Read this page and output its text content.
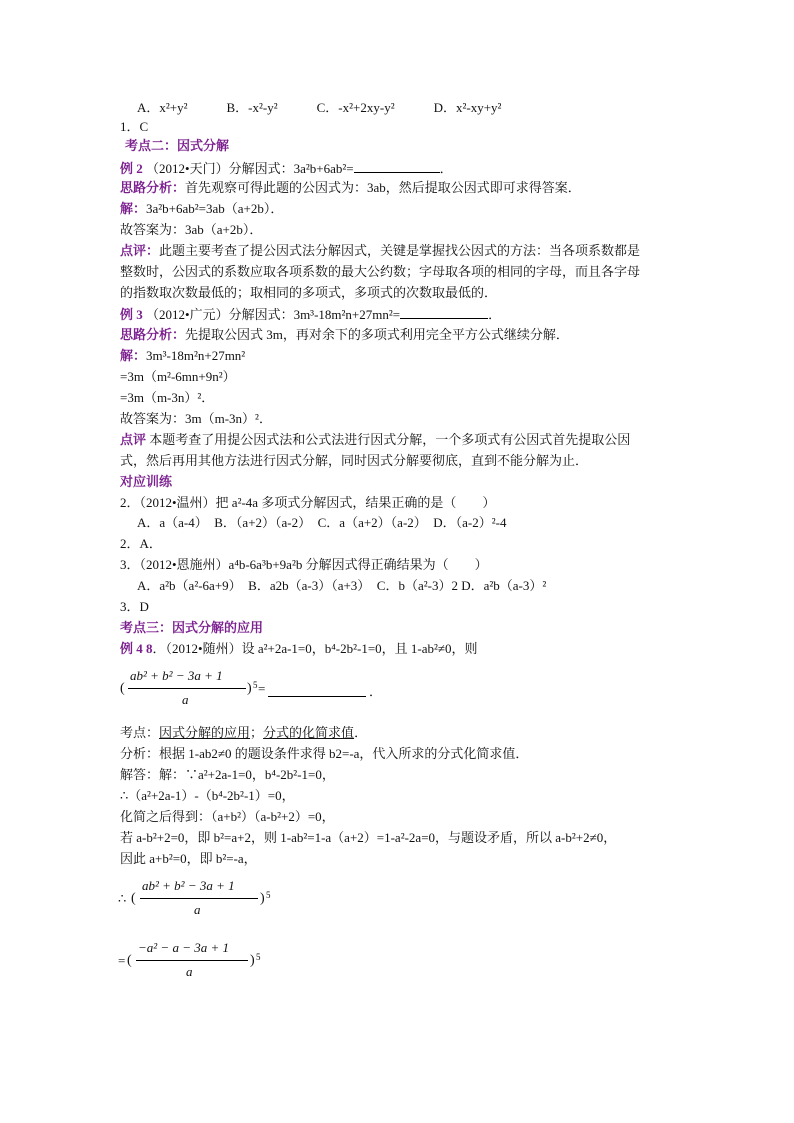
A．x²+y²　　　B．-x²-y²　　　C．-x²+2xy-y²　　　D．x²-xy+y²
1．C
考点二：因式分解
例 2 （2012•天门）分解因式：3a²b+6ab²=	．
思路分析：首先观察可得此题的公因式为：3ab，然后提取公因式即可求得答案．
解：3a²b+6ab²=3ab（a+2b）．
故答案为：3ab（a+2b）．
点评：此题主要考查了提公因式法分解因式，关键是掌握找公因式的方法：当各项系数都是
整数时，公因式的系数应取各项系数的最大公约数；字母取各项的相同的字母，而且各字母
的指数取次数最低的；取相同的多项式，多项式的次数取最低的．
例 3 （2012•广元）分解因式：3m³-18m²n+27mn²=	．
思路分析：先提取公因式 3m，再对余下的多项式利用完全平方公式继续分解．
解：3m³-18m²n+27mn²
=3m（m²-6mn+9n²）
=3m（m-3n）²．
故答案为：3m（m-3n）²．
点评 本题考查了用提公因式法和公式法进行因式分解，一个多项式有公因式首先提取公因
式，然后再用其他方法进行因式分解，同时因式分解要彻底，直到不能分解为止．
对应训练
2．（2012•温州）把 a²-4a 多项式分解因式，结果正确的是（　　）
A．a（a-4）　B．（a+2）（a-2）　C．a（a+2）（a-2）　D．（a-2）²-4
2．A．
3．（2012•恩施州）a⁴b-6a³b+9a²b 分解因式得正确结果为（　　）
A．a²b（a²-6a+9）　B．a2b（a-3）（a+3）　C．b（a²-3）2 D．a²b（a-3）²
3．D
考点三：因式分解的应用
例 4 8．（2012•随州）设 a²+2a-1=0，b⁴-2b²-1=0，且 1-ab²≠0，则
(
ab² + b² − 3a + 1
a
) 5 =	．
考点：因式分解的应用；分式的化简求值．
分析：根据 1-ab2≠0 的题设条件求得 b2=-a，代入所求的分式化简求值．
解答：解：∵a²+2a-1=0，b⁴-2b²-1=0，
∴（a²+2a-1）-（b⁴-2b²-1）=0，
化简之后得到：（a+b²）（a-b²+2）=0，
若 a-b²+2=0，即 b²=a+2，则 1-ab²=1-a（a+2）=1-a²-2a=0，与题设矛盾，所以 a-b²+2≠0，
因此 a+b²=0，即 b²=-a，
∴ (
ab² + b² − 3a + 1
a
) 5
= (
−a² − a − 3a + 1
a
) 5
